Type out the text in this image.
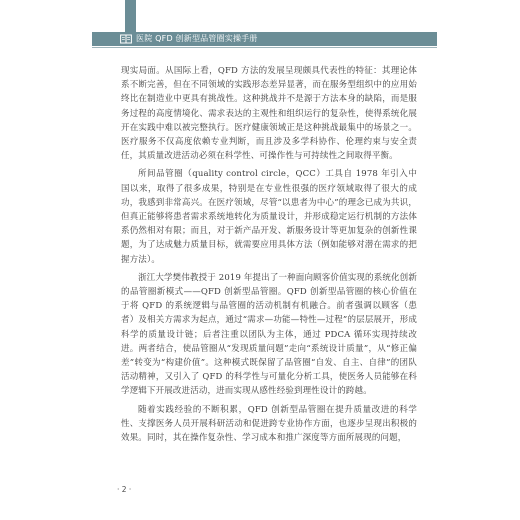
医院 QFD 创新型品管圈实操手册

现实局面。从国际上看，QFD 方法的发展呈现颇具代表性的特征：其理论体系不断完善，但在不同领域的实践形态差异显著，而在服务型组织中的应用始终比在制造业中更具有挑战性。这种挑战并不是源于方法本身的缺陷，而是服务过程的高度情境化、需求表达的主观性和组织运行的复杂性，使得系统化展开在实践中难以被完整执行。医疗健康领域正是这种挑战最集中的场景之一。医疗服务不仅高度依赖专业判断，而且涉及多学科协作、伦理约束与安全责任，其质量改进活动必须在科学性、可操作性与可持续性之间取得平衡。

所间品管圈（quality control circle，QCC）工具自 1978 年引入中国以来，取得了很多成果，特别是在专业性很强的医疗领域取得了很大的成功，我感到非常高兴。在医疗领域，尽管“以患者为中心”的理念已成为共识，但真正能够将患者需求系统地转化为质量设计，并形成稳定运行机制的方法体系仍然相对有限；而且，对于新产品开发、新服务设计等更加复杂的创新性课题，为了达成魅力质量目标，就需要应用具体方法（例如能够对潜在需求的把握方法）。

浙江大学樊伟教授于 2019 年提出了一种面向顾客价值实现的系统化创新的品管圈新模式——QFD 创新型品管圈。QFD 创新型品管圈的核心价值在于将 QFD 的系统逻辑与品管圈的活动机制有机融合。前者强调以顾客（患者）及相关方需求为起点，通过“需求—功能—特性—过程”的层层展开，形成科学的质量设计链；后者注重以团队为主体，通过 PDCA 循环实现持续改进。两者结合，使品管圈从“发现质量问题”走向“系统设计质量”，从“修正偏差”转变为“构建价值”。这种模式既保留了品管圈“自发、自主、自律”的团队活动精神，又引入了 QFD 的科学性与可量化分析工具，使医务人员能够在科学逻辑下开展改进活动，进而实现从感性经验到理性设计的跨越。

随着实践经验的不断积累，QFD 创新型品管圈在提升质量改进的科学性、支撑医务人员开展科研活动和促进跨专业协作方面，也逐步呈现出积极的效果。同时，其在操作复杂性、学习成本和推广深度等方面所展现的问题，

· 2 ·
